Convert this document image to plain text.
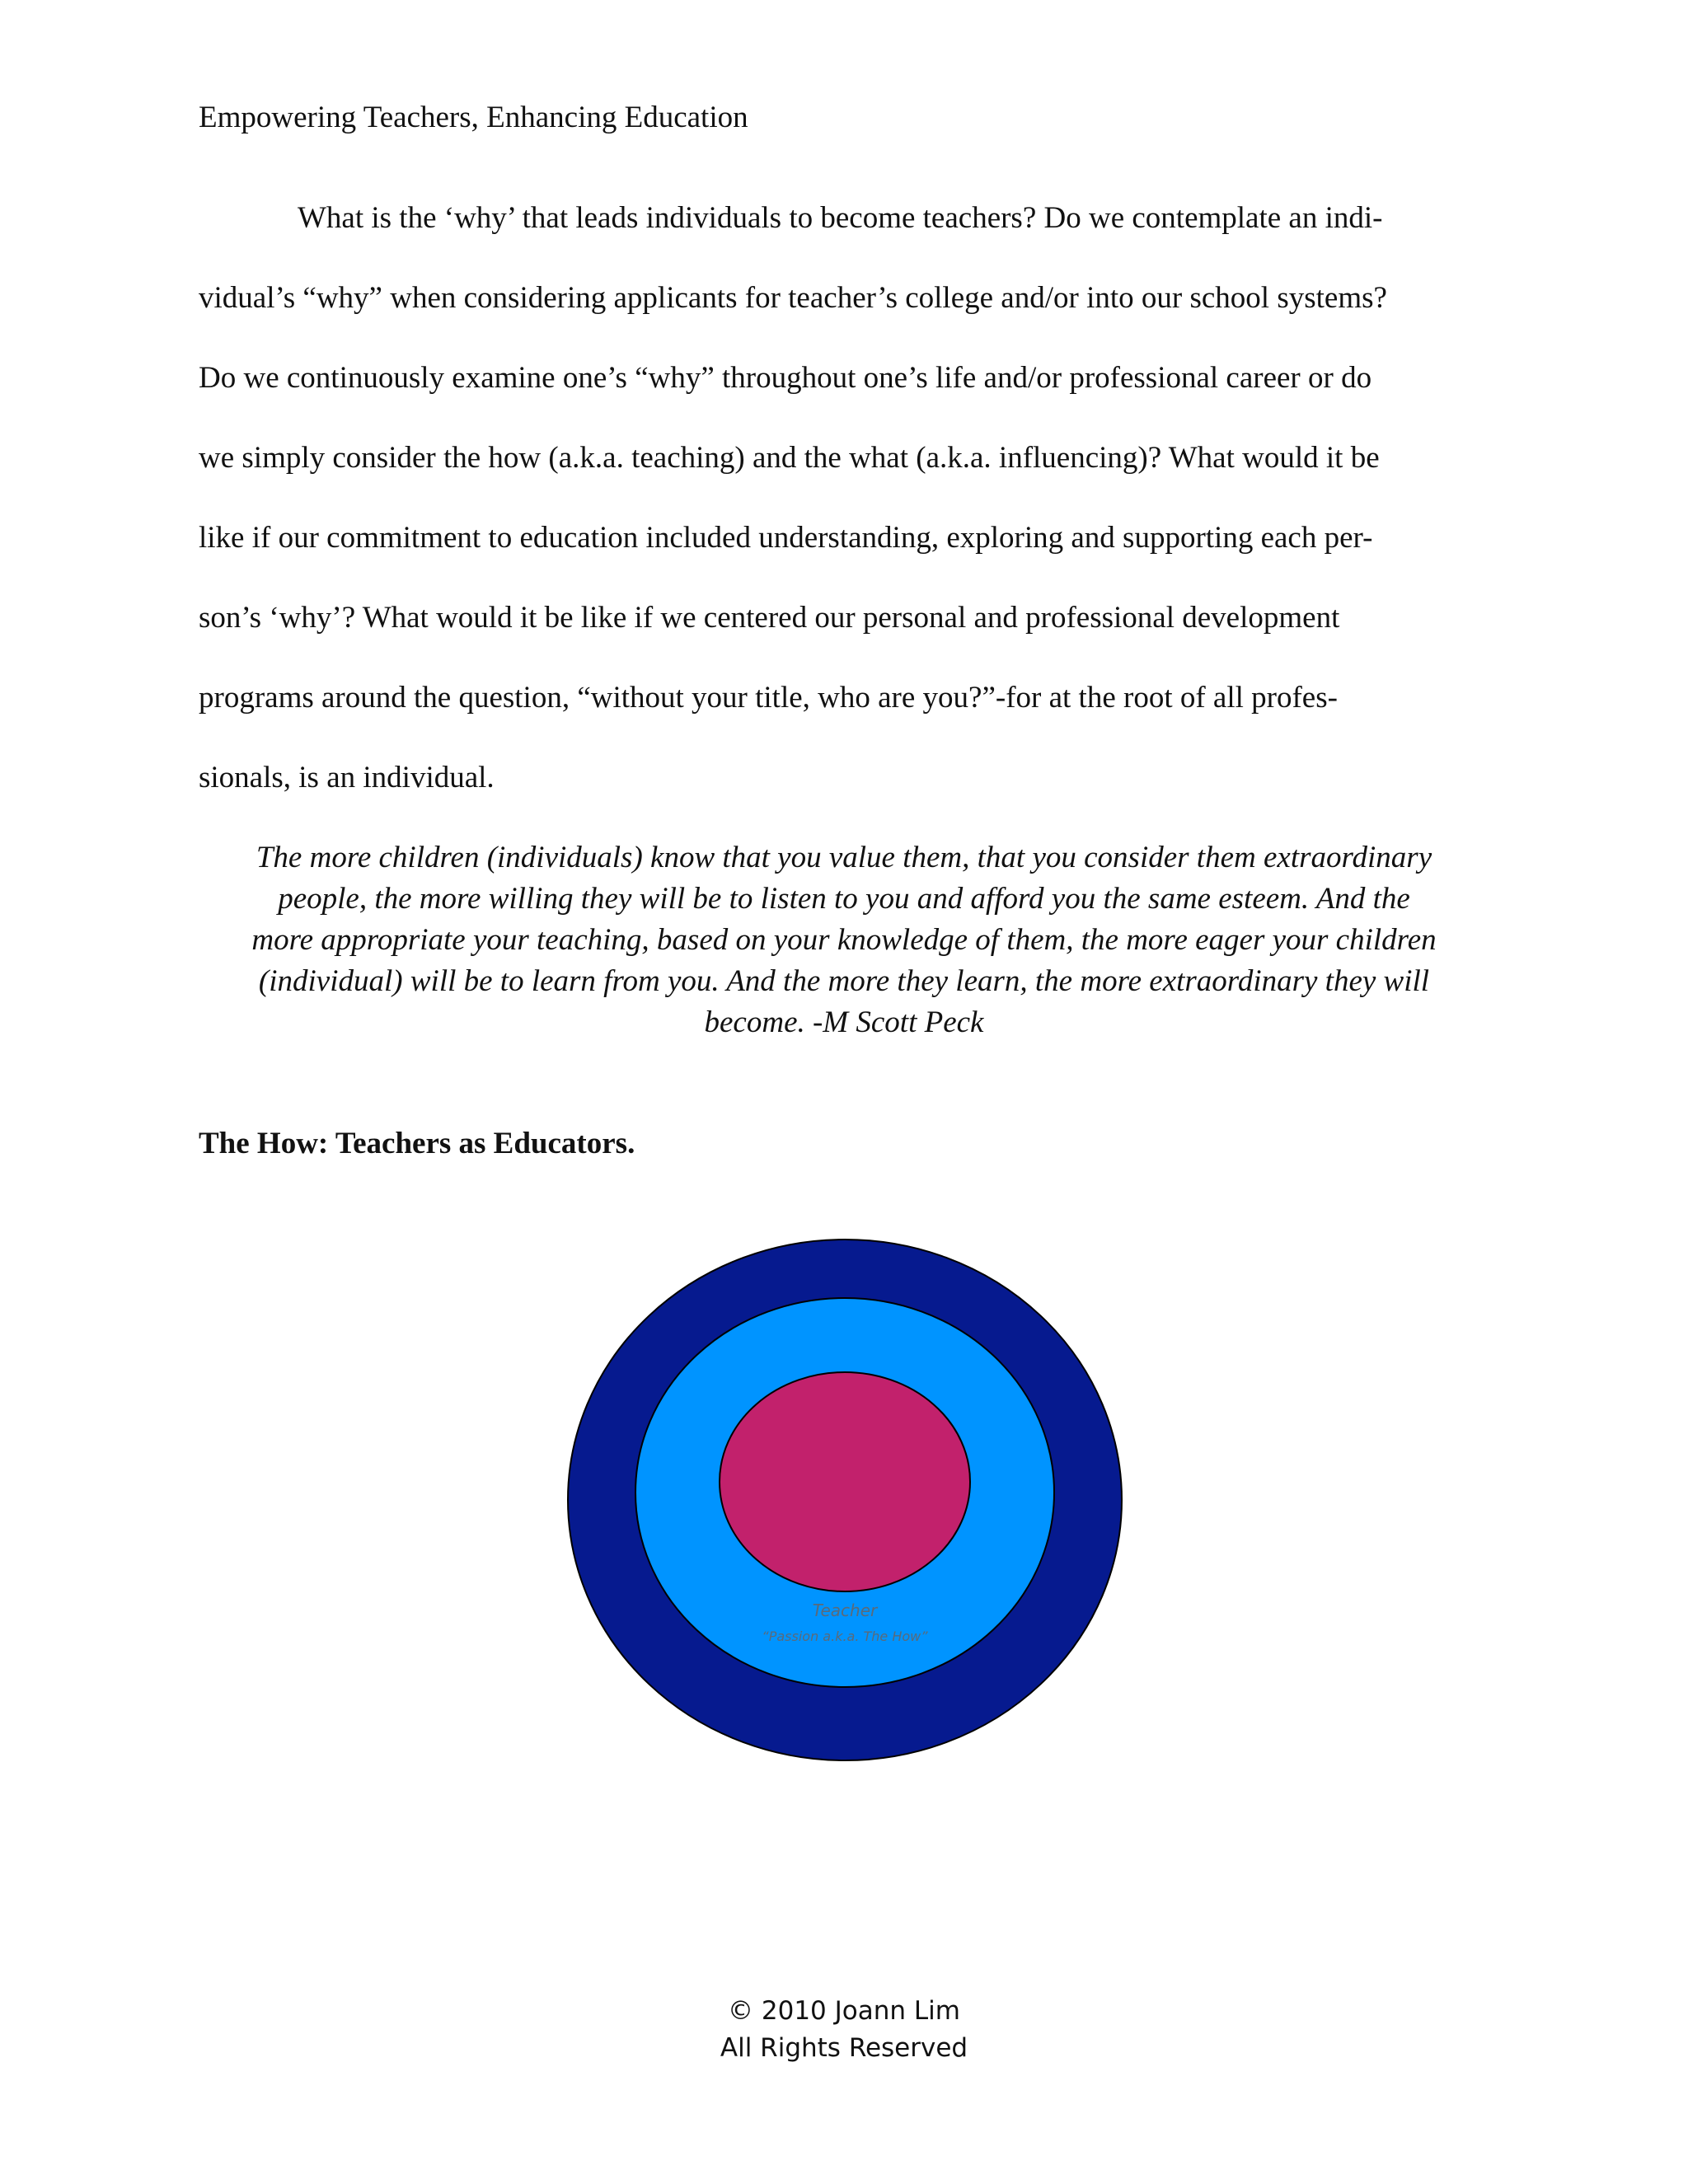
Empowering Teachers, Enhancing Education
What is the ‘why’ that leads individuals to become teachers? Do we contemplate an indi-
vidual’s “why” when considering applicants for teacher’s college and/or into our school systems?
Do we continuously examine one’s “why” throughout one’s life and/or professional career or do
we simply consider the how (a.k.a. teaching) and the what (a.k.a. influencing)? What would it be
like if our commitment to education included understanding, exploring and supporting each per-
son’s ‘why’? What would it be like if we centered our personal and professional development
programs around the question, “without your title, who are you?”-for at the root of all profes-
sionals, is an individual.
The more children (individuals) know that you value them, that you consider them extraordinary
people, the more willing they will be to listen to you and afford you the same esteem. And the
more appropriate your teaching, based on your knowledge of them, the more eager your children
(individual) will be to learn from you. And the more they learn, the more extraordinary they will
become. -M Scott Peck
The How: Teachers as Educators.
Teacher
“Passion a.k.a. The How”
© 2010 Joann Lim
All Rights Reserved
